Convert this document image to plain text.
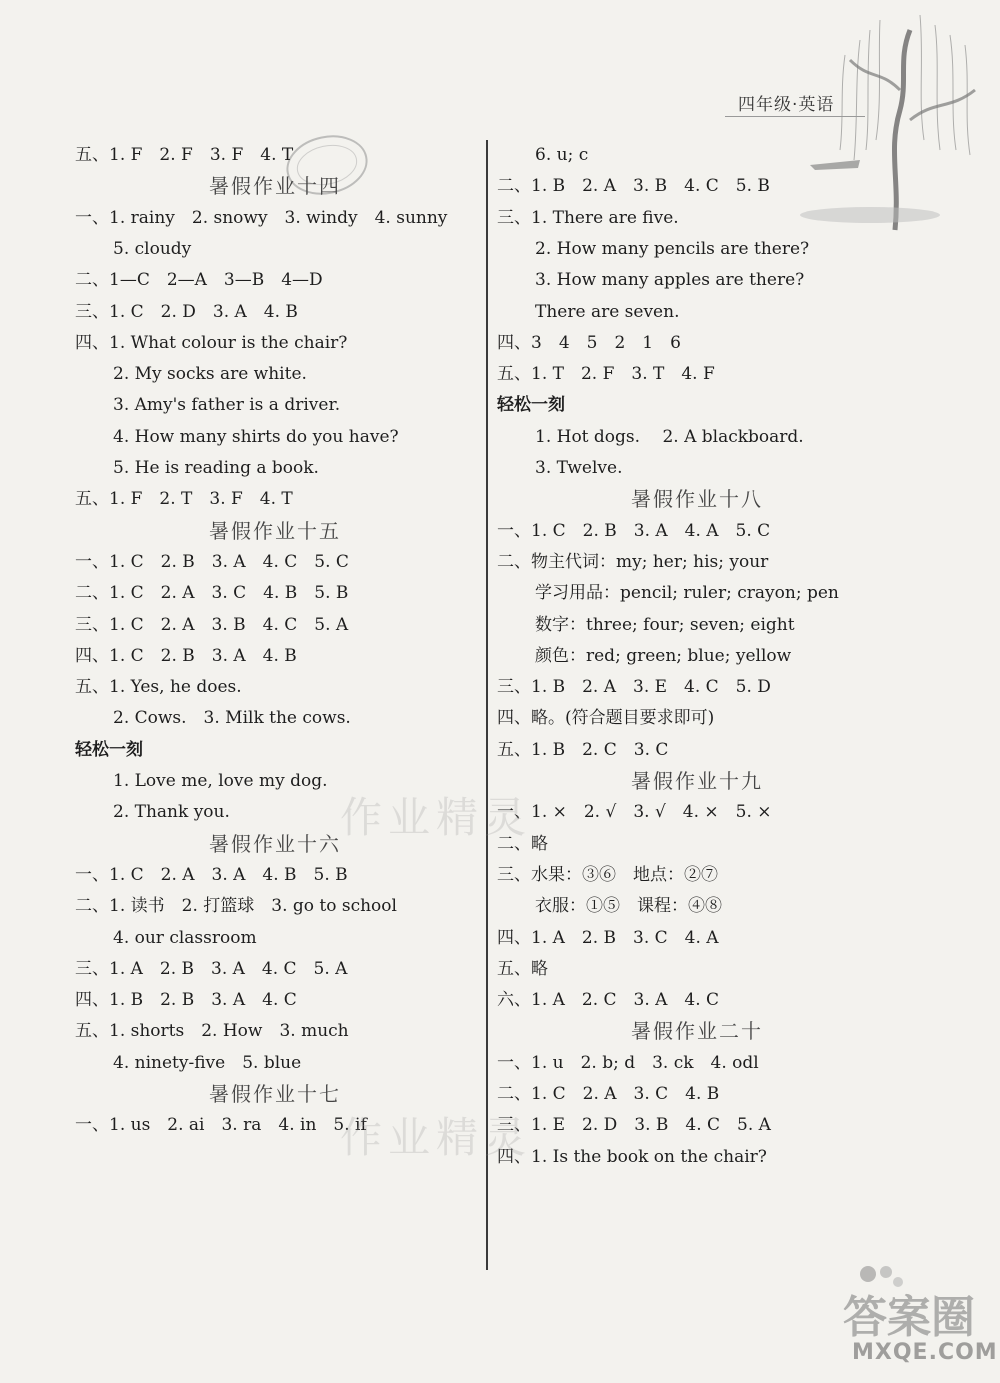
四年级·英语
五、1. F　2. F　3. F　4. T
暑假作业十四
一、1. rainy　2. snowy　3. windy　4. sunny
5. cloudy
二、1—C　2—A　3—B　4—D
三、1. C　2. D　3. A　4. B
四、1. What colour is the chair?
2. My socks are white.
3. Amy's father is a driver.
4. How many shirts do you have?
5. He is reading a book.
五、1. F　2. T　3. F　4. T
暑假作业十五
一、1. C　2. B　3. A　4. C　5. C
二、1. C　2. A　3. C　4. B　5. B
三、1. C　2. A　3. B　4. C　5. A
四、1. C　2. B　3. A　4. B
五、1. Yes, he does.
2. Cows.　3. Milk the cows.
轻松一刻
1. Love me, love my dog.
2. Thank you.
暑假作业十六
一、1. C　2. A　3. A　4. B　5. B
二、1. 读书　2. 打篮球　3. go to school
4. our classroom
三、1. A　2. B　3. A　4. C　5. A
四、1. B　2. B　3. A　4. C
五、1. shorts　2. How　3. much
4. ninety-five　5. blue
暑假作业十七
一、1. us　2. ai　3. ra　4. in　5. if
6. u; c
二、1. B　2. A　3. B　4. C　5. B
三、1. There are five.
2. How many pencils are there?
3. How many apples are there?
There are seven.
四、3　4　5　2　1　6
五、1. T　2. F　3. T　4. F
轻松一刻
1. Hot dogs.　 2. A blackboard.
3. Twelve.
暑假作业十八
一、1. C　2. B　3. A　4. A　5. C
二、物主代词：my; her; his; your
学习用品：pencil; ruler; crayon; pen
数字：three; four; seven; eight
颜色：red; green; blue; yellow
三、1. B　2. A　3. E　4. C　5. D
四、略。(符合题目要求即可)
五、1. B　2. C　3. C
暑假作业十九
一、1. ×　2. √　3. √　4. ×　5. ×
二、略
三、水果：③⑥　地点：②⑦
衣服：①⑤　课程：④⑧
四、1. A　2. B　3. C　4. A
五、略
六、1. A　2. C　3. A　4. C
暑假作业二十
一、1. u　2. b; d　3. ck　4. odl
二、1. C　2. A　3. C　4. B
三、1. E　2. D　3. B　4. C　5. A
四、1. Is the book on the chair?
作业精灵
作业精灵
答案圈
MXQE.COM
